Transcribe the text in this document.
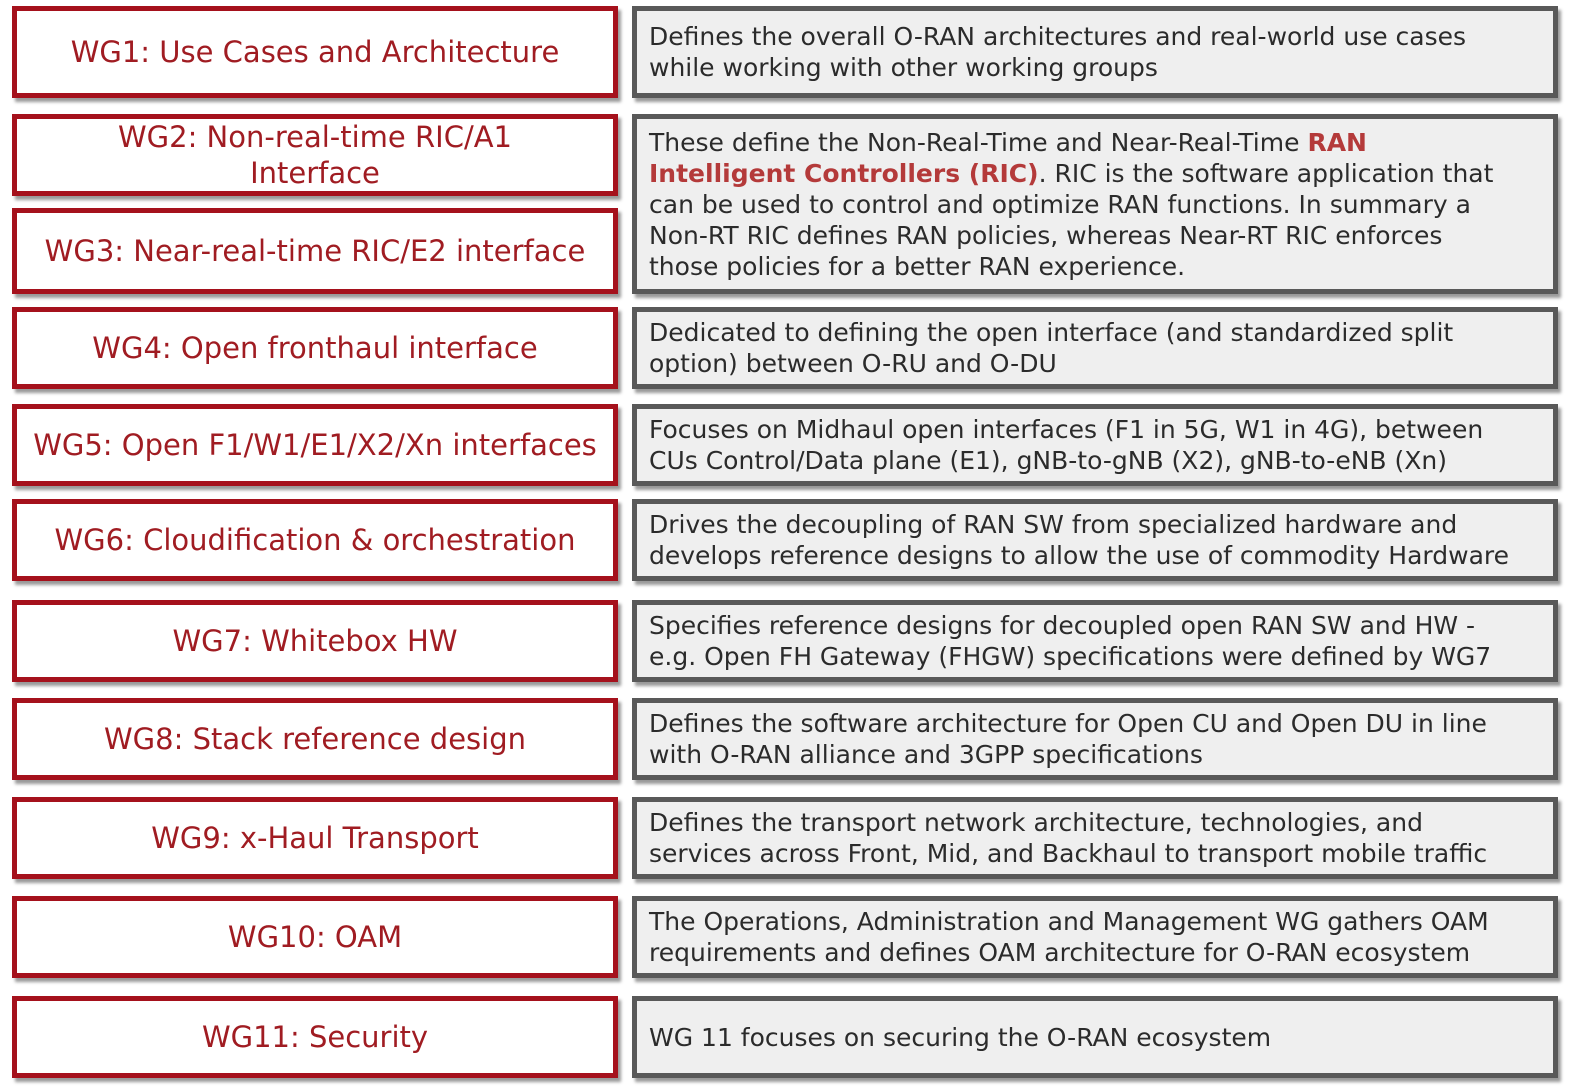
WG1: Use Cases and Architecture
WG2: Non-real-time RIC/A1
Interface
WG3: Near-real-time RIC/E2 interface
WG4: Open fronthaul interface
WG5: Open F1/W1/E1/X2/Xn interfaces
WG6: Cloudification & orchestration
WG7: Whitebox HW
WG8: Stack reference design
WG9: x-Haul Transport
WG10: OAM
WG11: Security
Defines the overall O-RAN architectures and real-world use cases
while working with other working groups
These define the Non-Real-Time and Near-Real-Time RAN
Intelligent Controllers (RIC). RIC is the software application that
can be used to control and optimize RAN functions. In summary a
Non-RT RIC defines RAN policies, whereas Near-RT RIC enforces
those policies for a better RAN experience.
Dedicated to defining the open interface (and standardized split
option) between O-RU and O-DU
Focuses on Midhaul open interfaces (F1 in 5G, W1 in 4G), between
CUs Control/Data plane (E1), gNB-to-gNB (X2), gNB-to-eNB (Xn)
Drives the decoupling of RAN SW from specialized hardware and
develops reference designs to allow the use of commodity Hardware
Specifies reference designs for decoupled open RAN SW and HW -
e.g. Open FH Gateway (FHGW) specifications were defined by WG7
Defines the software architecture for Open CU and Open DU in line
with O-RAN alliance and 3GPP specifications
Defines the transport network architecture, technologies, and
services across Front, Mid, and Backhaul to transport mobile traffic
The Operations, Administration and Management WG gathers OAM
requirements and defines OAM architecture for O-RAN ecosystem
WG 11 focuses on securing the O-RAN ecosystem
